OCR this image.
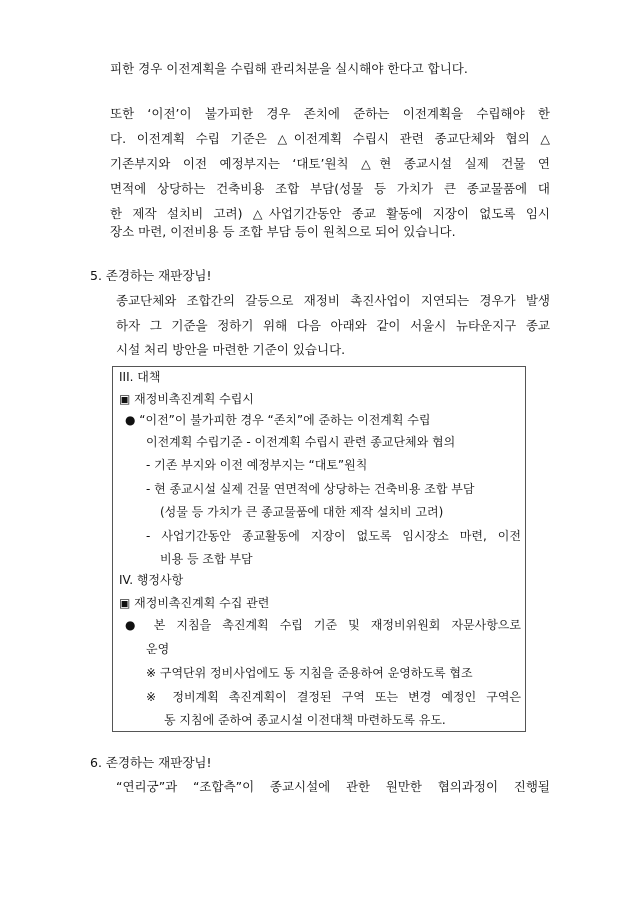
피한 경우 이전계획을 수립해 관리처분을 실시해야 한다고 합니다.
또한 ‘이전’이 불가피한 경우 존치에 준하는 이전계획을 수립해야 한
다. 이전계획 수립 기준은 △이전계획 수립시 관련 종교단체와 협의 △
기존부지와 이전 예정부지는 ‘대토’원칙 △현 종교시설 실제 건물 연
면적에 상당하는 건축비용 조합 부담(성물 등 가치가 큰 종교물품에 대
한 제작 설치비 고려) △사업기간동안 종교 활동에 지장이 없도록 임시
장소 마련, 이전비용 등 조합 부담 등이 원칙으로 되어 있습니다.
5. 존경하는 재판장님!
종교단체와 조합간의 갈등으로 재정비 촉진사업이 지연되는 경우가 발생
하자 그 기준을 정하기 위해 다음 아래와 같이 서울시 뉴타운지구 종교
시설 처리 방안을 마련한 기준이 있습니다.
III. 대책
▣ 재정비촉진계획 수립시
● “이전”이 불가피한 경우 “존치”에 준하는 이전계획 수립
이전계획 수립기준 - 이전계획 수립시 관련 종교단체와 협의
- 기존 부지와 이전 예정부지는 “대토”원칙
- 현 종교시설 실제 건물 연면적에 상당하는 건축비용 조합 부담
(성물 등 가치가 큰 종교물품에 대한 제작 설치비 고려)
- 사업기간동안 종교활동에 지장이 없도록 임시장소 마련, 이전
비용 등 조합 부담
IV. 행정사항
▣ 재정비촉진계획 수집 관련
● 본 지침을 촉진계획 수립 기준 및 재정비위원회 자문사항으로
운영
※ 구역단위 정비사업에도 동 지침을 준용하여 운영하도록 협조
※ 정비계획 촉진계획이 결정된 구역 또는 변경 예정인 구역은
동 지침에 준하여 종교시설 이전대책 마련하도록 유도.
6. 존경하는 재판장님!
“연리궁”과 “조합측”이 종교시설에 관한 원만한 협의과정이 진행될
